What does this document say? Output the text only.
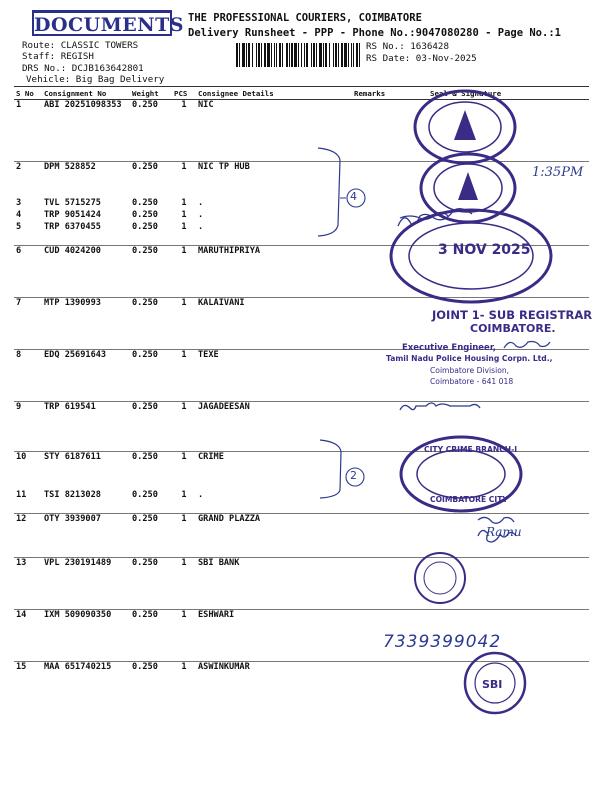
DOCUMENTS THE PROFESSIONAL COURIERS, COIMBATORE
Delivery Runsheet - PPP - Phone No.:9047080280 - Page No.:1
Route: CLASSIC TOWERS
Staff: REGISH
DRS No.: DCJB163642801
Vehicle: Big Bag Delivery
RS No.: 1636428
RS Date: 03-Nov-2025
S No	Consignment No	Weight	PCS	Consignee Details	Remarks	Seal & Signature
1	ABI 20251098353	0.250	1	NIC		
2	DPM 528852	0.250	1	NIC TP HUB		
3	TVL 5715275	0.250	1	.		
4	TRP 9051424	0.250	1	.		
5	TRP 6370455	0.250	1	.		
6	CUD 4024200	0.250	1	MARUTHIPRIYA		
7	MTP 1390993	0.250	1	KALAIVANI		
8	EDQ 25691643	0.250	1	TEXE		
9	TRP 619541	0.250	1	JAGADEESAN		
10	STY 6187611	0.250	1	CRIME		
11	TSI 8213028	0.250	1	.		
12	OTY 3939007	0.250	1	GRAND PLAZZA		
13	VPL 230191489	0.250	1	SBI BANK		
14	IXM 509090350	0.250	1	ESHWARI		
15	MAA 651740215	0.250	1	ASWINKUMAR		
3 NOV 2025
JOINT 1- SUB REGISTRAR
COIMBATORE.
Executive Engineer,
Tamil Nadu Police Housing Corpn. Ltd.,
Coimbatore Division,
Coimbatore - 641 018
CITY CRIME BRANCH-I
COIMBATORE CITY
SBI
1:35PM
4
2
7339399042
Ramu
